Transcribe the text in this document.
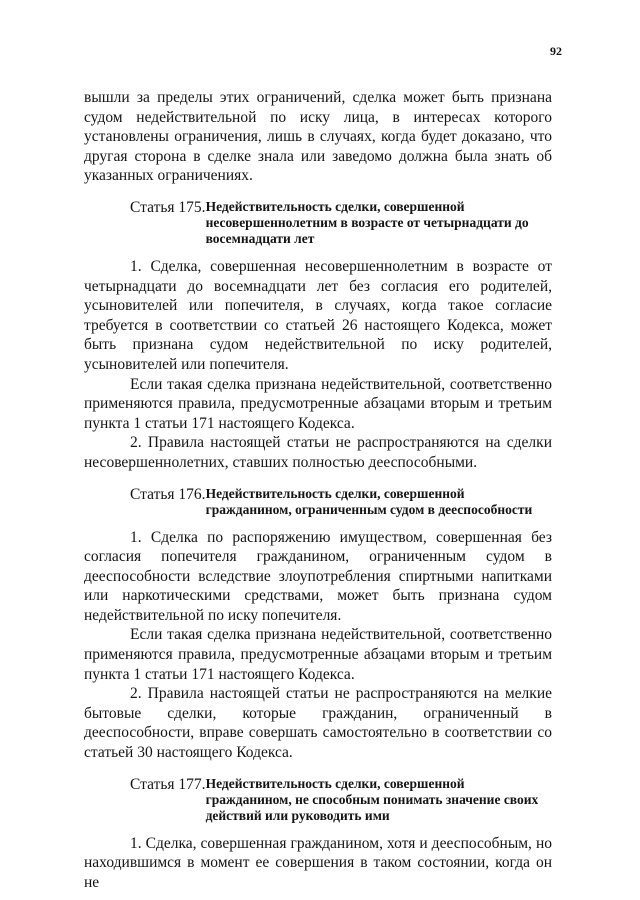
92

вышли за пределы этих ограничений, сделка может быть признана судом недействительной по иску лица, в интересах которого установлены ограничения, лишь в случаях, когда будет доказано, что другая сторона в сделке знала или заведомо должна была знать об указанных ограничениях.

Статья 175. Недействительность сделки, совершенной несовершеннолетним в возрасте от четырнадцати до восемнадцати лет

1. Сделка, совершенная несовершеннолетним в возрасте от четырнадцати до восемнадцати лет без согласия его родителей, усыновителей или попечителя, в случаях, когда такое согласие требуется в соответствии со статьей 26 настоящего Кодекса, может быть признана судом недействительной по иску родителей, усыновителей или попечителя.

Если такая сделка признана недействительной, соответственно применяются правила, предусмотренные абзацами вторым и третьим пункта 1 статьи 171 настоящего Кодекса.

2. Правила настоящей статьи не распространяются на сделки несовершеннолетних, ставших полностью дееспособными.

Статья 176. Недействительность сделки, совершенной гражданином, ограниченным судом в дееспособности

1. Сделка по распоряжению имуществом, совершенная без согласия попечителя гражданином, ограниченным судом в дееспособности вследствие злоупотребления спиртными напитками или наркотическими средствами, может быть признана судом недействительной по иску попечителя.

Если такая сделка признана недействительной, соответственно применяются правила, предусмотренные абзацами вторым и третьим пункта 1 статьи 171 настоящего Кодекса.

2. Правила настоящей статьи не распространяются на мелкие бытовые сделки, которые гражданин, ограниченный в дееспособности, вправе совершать самостоятельно в соответствии со статьей 30 настоящего Кодекса.

Статья 177. Недействительность сделки, совершенной гражданином, не способным понимать значение своих действий или руководить ими

1. Сделка, совершенная гражданином, хотя и дееспособным, но находившимся в момент ее совершения в таком состоянии, когда он не
